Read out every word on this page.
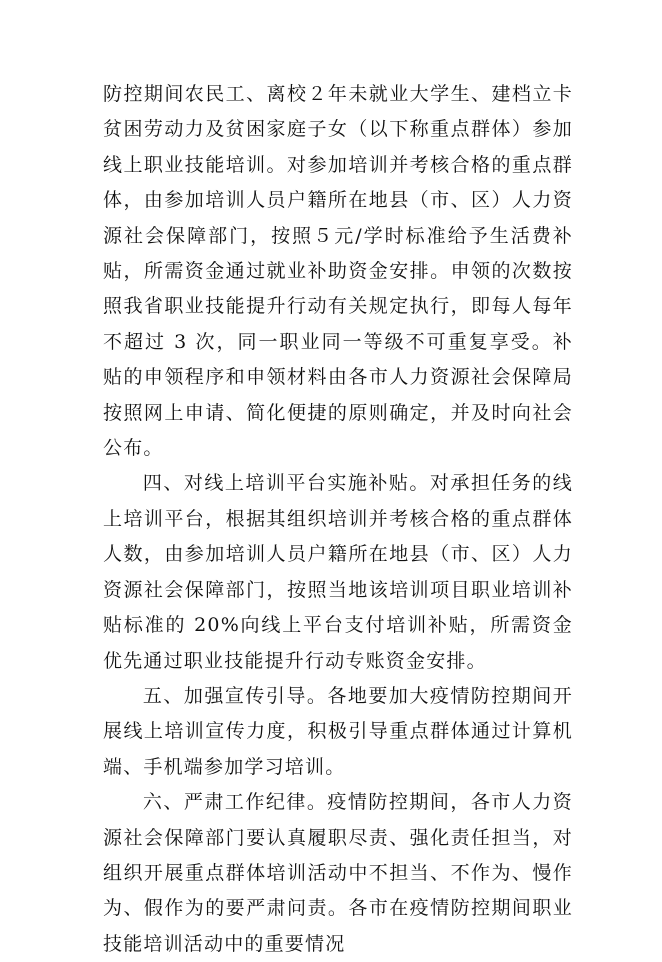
防控期间农民工、离校２年未就业大学生、建档立卡贫困劳动力及贫困家庭子女（以下称重点群体）参加线上职业技能培训。对参加培训并考核合格的重点群体，由参加培训人员户籍所在地县（市、区）人力资源社会保障部门，按照５元/学时标准给予生活费补贴，所需资金通过就业补助资金安排。申领的次数按照我省职业技能提升行动有关规定执行，即每人每年不超过 3 次，同一职业同一等级不可重复享受。补贴的申领程序和申领材料由各市人力资源社会保障局按照网上申请、简化便捷的原则确定，并及时向社会公布。

四、对线上培训平台实施补贴。对承担任务的线上培训平台，根据其组织培训并考核合格的重点群体人数，由参加培训人员户籍所在地县（市、区）人力资源社会保障部门，按照当地该培训项目职业培训补贴标准的 20%向线上平台支付培训补贴，所需资金优先通过职业技能提升行动专账资金安排。

五、加强宣传引导。各地要加大疫情防控期间开展线上培训宣传力度，积极引导重点群体通过计算机端、手机端参加学习培训。

六、严肃工作纪律。疫情防控期间，各市人力资源社会保障部门要认真履职尽责、强化责任担当，对组织开展重点群体培训活动中不担当、不作为、慢作为、假作为的要严肃问责。各市在疫情防控期间职业技能培训活动中的重要情况
